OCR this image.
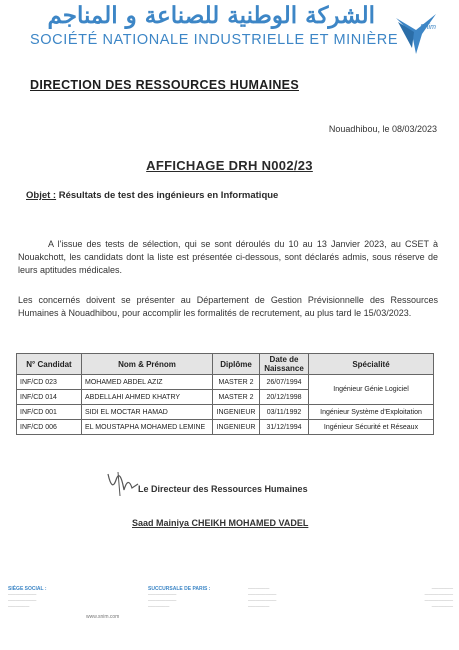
الشركة الوطنية للصناعة و المناجم
SOCIÉTÉ NATIONALE INDUSTRIELLE ET MINIÈRE
Snim
DIRECTION DES RESSOURCES HUMAINES
Nouadhibou, le 08/03/2023
AFFICHAGE DRH N002/23
Objet : Résultats de test des ingénieurs en Informatique
A l'issue des tests de sélection, qui se sont déroulés du 10 au 13 Janvier 2023, au CSET à Nouakchott, les candidats dont la liste est présentée ci-dessous, sont déclarés admis, sous réserve de leurs aptitudes médicales.
Les concernés doivent se présenter au Département de Gestion Prévisionnelle des Ressources Humaines à Nouadhibou, pour accomplir les formalités de recrutement, au plus tard le 15/03/2023.
N° Candidat	Nom & Prénom	Diplôme	Date de Naissance	Spécialité
INF/CD 023	MOHAMED ABDEL AZIZ	MASTER 2	26/07/1994	Ingénieur Génie Logiciel
INF/CD 014	ABDELLAHI AHMED KHATRY	MASTER 2	20/12/1998	
INF/CD 001	SIDI EL MOCTAR HAMAD	INGENIEUR	03/11/1992	Ingénieur Système d'Exploitation
INF/CD 006	EL MOUSTAPHA MOHAMED LEMINE	INGENIEUR	31/12/1994	Ingénieur Sécurité et Réseaux
Le Directeur des Ressources Humaines
Saad Mainiya CHEIKH MOHAMED VADEL
SIÈGE SOCIAL :
────────
────────
──────
www.snim.com
SUCCURSALE DE PARIS :
────────
────────
──────
──────
────────
────────
──────
──────
────────
────────
──────
